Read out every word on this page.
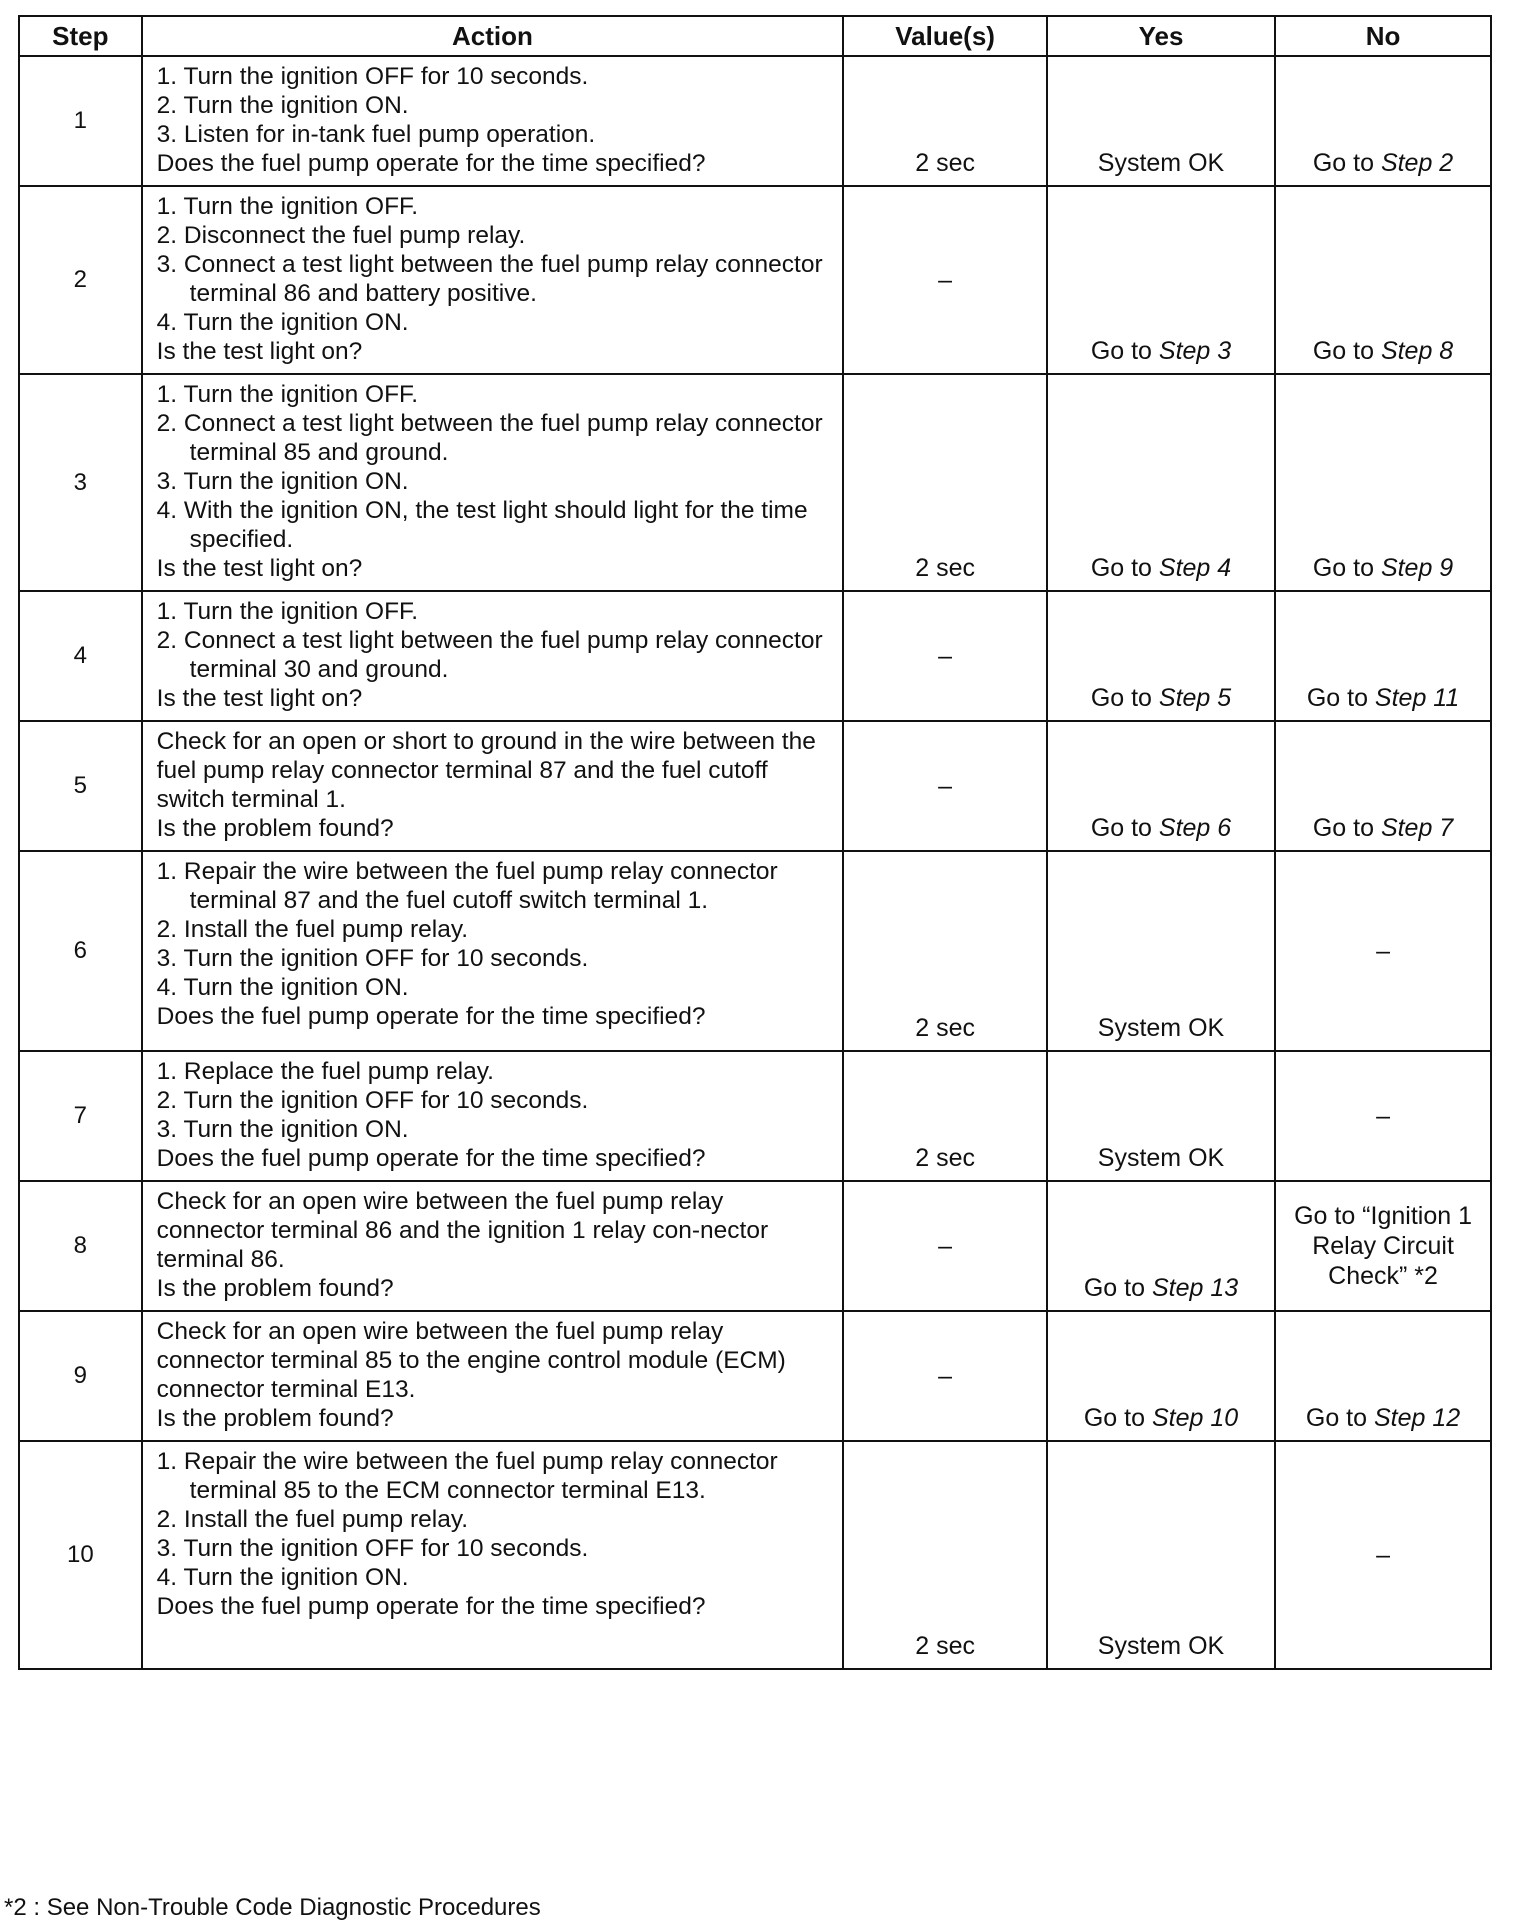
Step	Action	Value(s)	Yes	No
1	1. Turn the ignition OFF for 10 seconds.
2. Turn the ignition ON.
3. Listen for in-tank fuel pump operation.
Does the fuel pump operate for the time specified?	2 sec	System OK	Go to Step 2
2	1. Turn the ignition OFF.
2. Disconnect the fuel pump relay.
3. Connect a test light between the fuel pump relay connector terminal 86 and battery positive.
4. Turn the ignition ON.
Is the test light on?	–	Go to Step 3	Go to Step 8
3	1. Turn the ignition OFF.
2. Connect a test light between the fuel pump relay connector terminal 85 and ground.
3. Turn the ignition ON.
4. With the ignition ON, the test light should light for the time specified.
Is the test light on?	2 sec	Go to Step 4	Go to Step 9
4	1. Turn the ignition OFF.
2. Connect a test light between the fuel pump relay connector terminal 30 and ground.
Is the test light on?	–	Go to Step 5	Go to Step 11
5	Check for an open or short to ground in the wire between the fuel pump relay connector terminal 87 and the fuel cutoff switch terminal 1.
Is the problem found?	–	Go to Step 6	Go to Step 7
6	1. Repair the wire between the fuel pump relay connector terminal 87 and the fuel cutoff switch terminal 1.
2. Install the fuel pump relay.
3. Turn the ignition OFF for 10 seconds.
4. Turn the ignition ON.
Does the fuel pump operate for the time specified?	2 sec	System OK	–
7	1. Replace the fuel pump relay.
2. Turn the ignition OFF for 10 seconds.
3. Turn the ignition ON.
Does the fuel pump operate for the time specified?	2 sec	System OK	–
8	Check for an open wire between the fuel pump relay connector terminal 86 and the ignition 1 relay con-nector terminal 86.
Is the problem found?	–	Go to Step 13	Go to “Ignition 1 Relay Circuit Check” *2
9	Check for an open wire between the fuel pump relay connector terminal 85 to the engine control module (ECM) connector terminal E13.
Is the problem found?	–	Go to Step 10	Go to Step 12
10	1. Repair the wire between the fuel pump relay connector terminal 85 to the ECM connector terminal E13.
2. Install the fuel pump relay.
3. Turn the ignition OFF for 10 seconds.
4. Turn the ignition ON.
Does the fuel pump operate for the time specified?	2 sec	System OK	–
*2 : See Non-Trouble Code Diagnostic Procedures
